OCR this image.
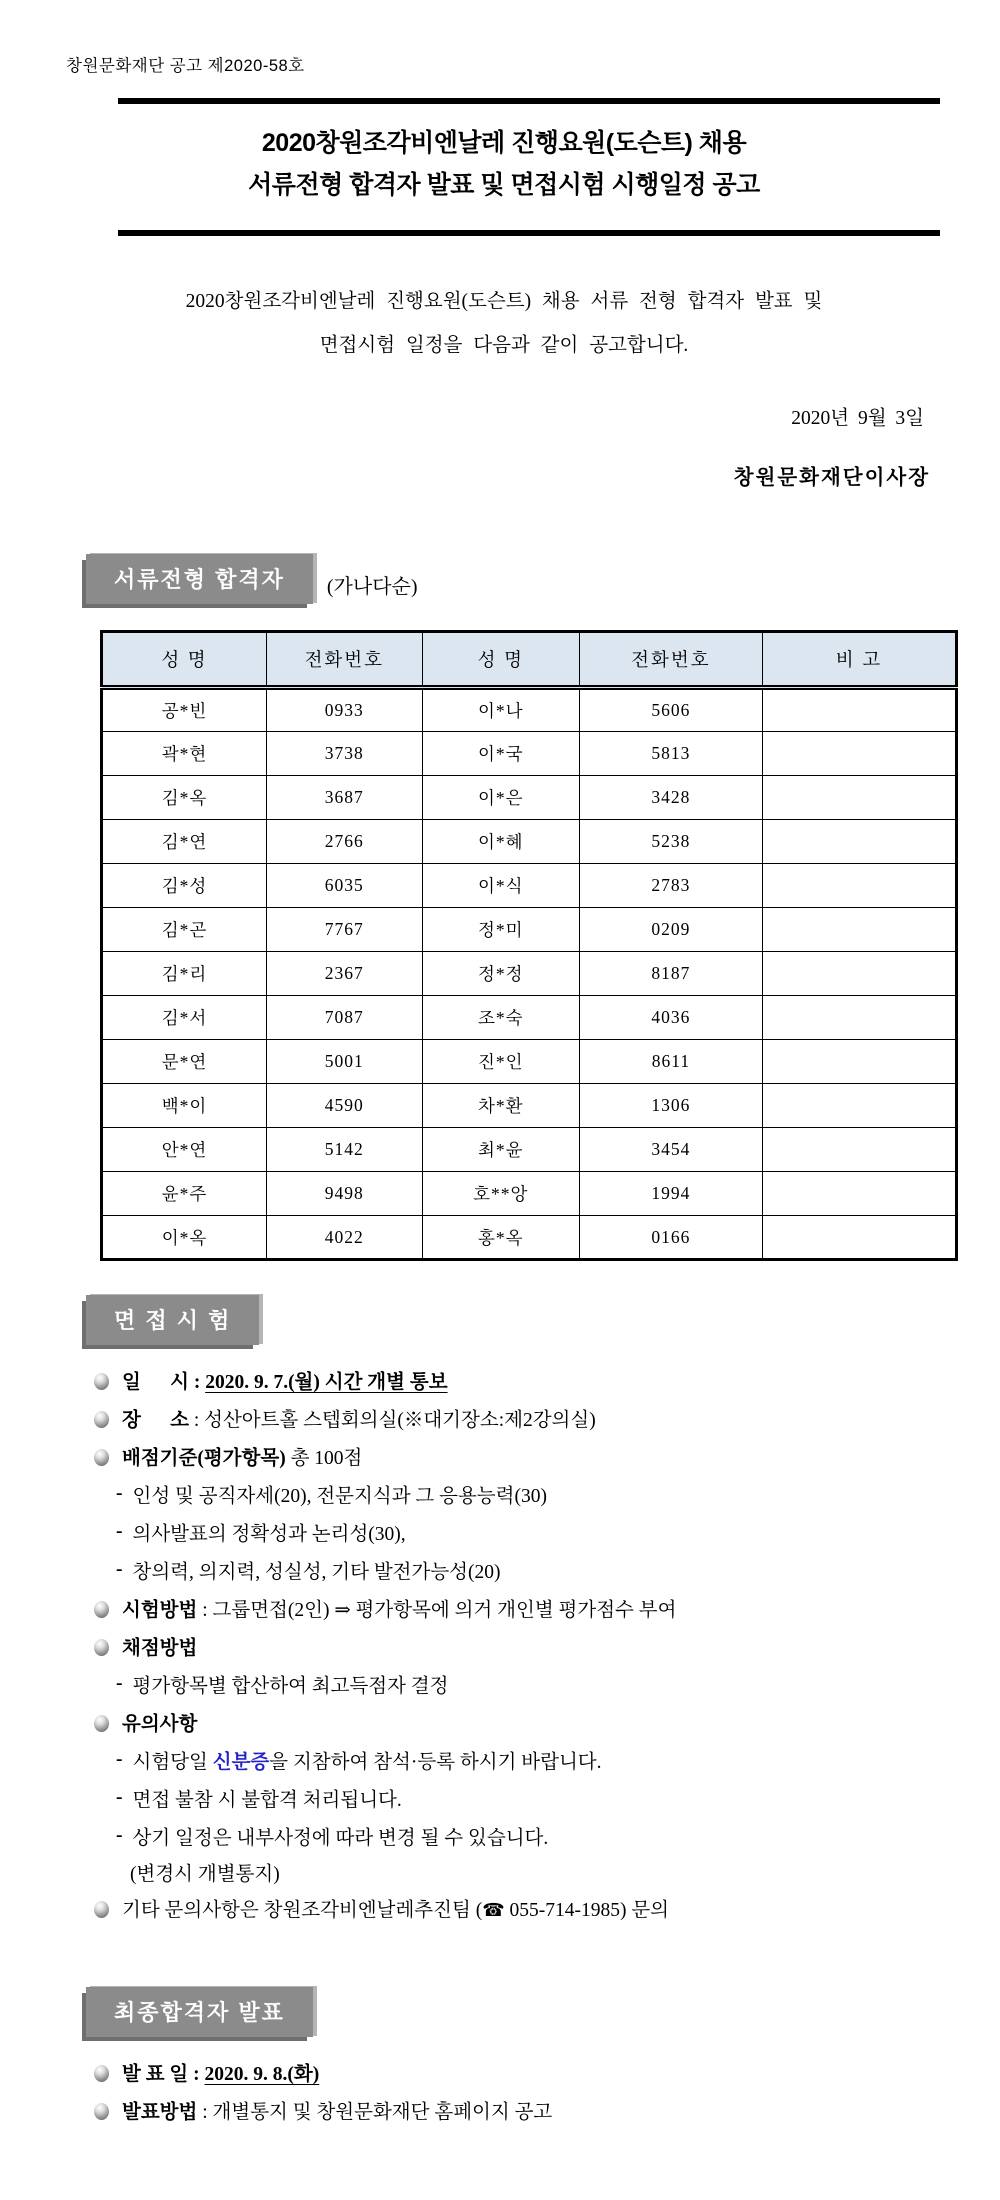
창원문화재단 공고 제2020-58호
2020창원조각비엔날레 진행요원(도슨트) 채용
서류전형 합격자 발표 및 면접시험 시행일정 공고
2020창원조각비엔날레 진행요원(도슨트) 채용 서류 전형 합격자 발표 및
면접시험 일정을 다음과 같이 공고합니다.
2020년 9월 3일
창원문화재단이사장
서류전형 합격자 (가나다순)
성 명	전화번호	성 명	전화번호	비 고
공*빈	0933	이*나	5606	
곽*현	3738	이*국	5813	
김*옥	3687	이*은	3428	
김*연	2766	이*혜	5238	
김*성	6035	이*식	2783	
김*곤	7767	정*미	0209	
김*리	2367	정*정	8187	
김*서	7087	조*숙	4036	
문*연	5001	진*인	8611	
백*이	4590	차*환	1306	
안*연	5142	최*윤	3454	
윤*주	9498	호**앙	1994	
이*옥	4022	홍*옥	0166	
면 접 시 험
일      시 : 2020. 9. 7.(월) 시간 개별 통보
장      소 : 성산아트홀 스텝회의실(※대기장소:제2강의실)
배점기준(평가항목) 총 100점
- 인성 및 공직자세(20), 전문지식과 그 응용능력(30)
- 의사발표의 정확성과 논리성(30),
- 창의력, 의지력, 성실성, 기타 발전가능성(20)
시험방법 : 그룹면접(2인) ⇒ 평가항목에 의거 개인별 평가점수 부여
채점방법
- 평가항목별 합산하여 최고득점자 결정
유의사항
- 시험당일 신분증을 지참하여 참석·등록 하시기 바랍니다.
- 면접 불참 시 불합격 처리됩니다.
- 상기 일정은 내부사정에 따라 변경 될 수 있습니다.
(변경시 개별통지)
기타 문의사항은 창원조각비엔날레추진팀 (☎ 055-714-1985) 문의
최종합격자 발표
발 표 일 : 2020. 9. 8.(화)
발표방법 : 개별통지 및 창원문화재단 홈페이지 공고
